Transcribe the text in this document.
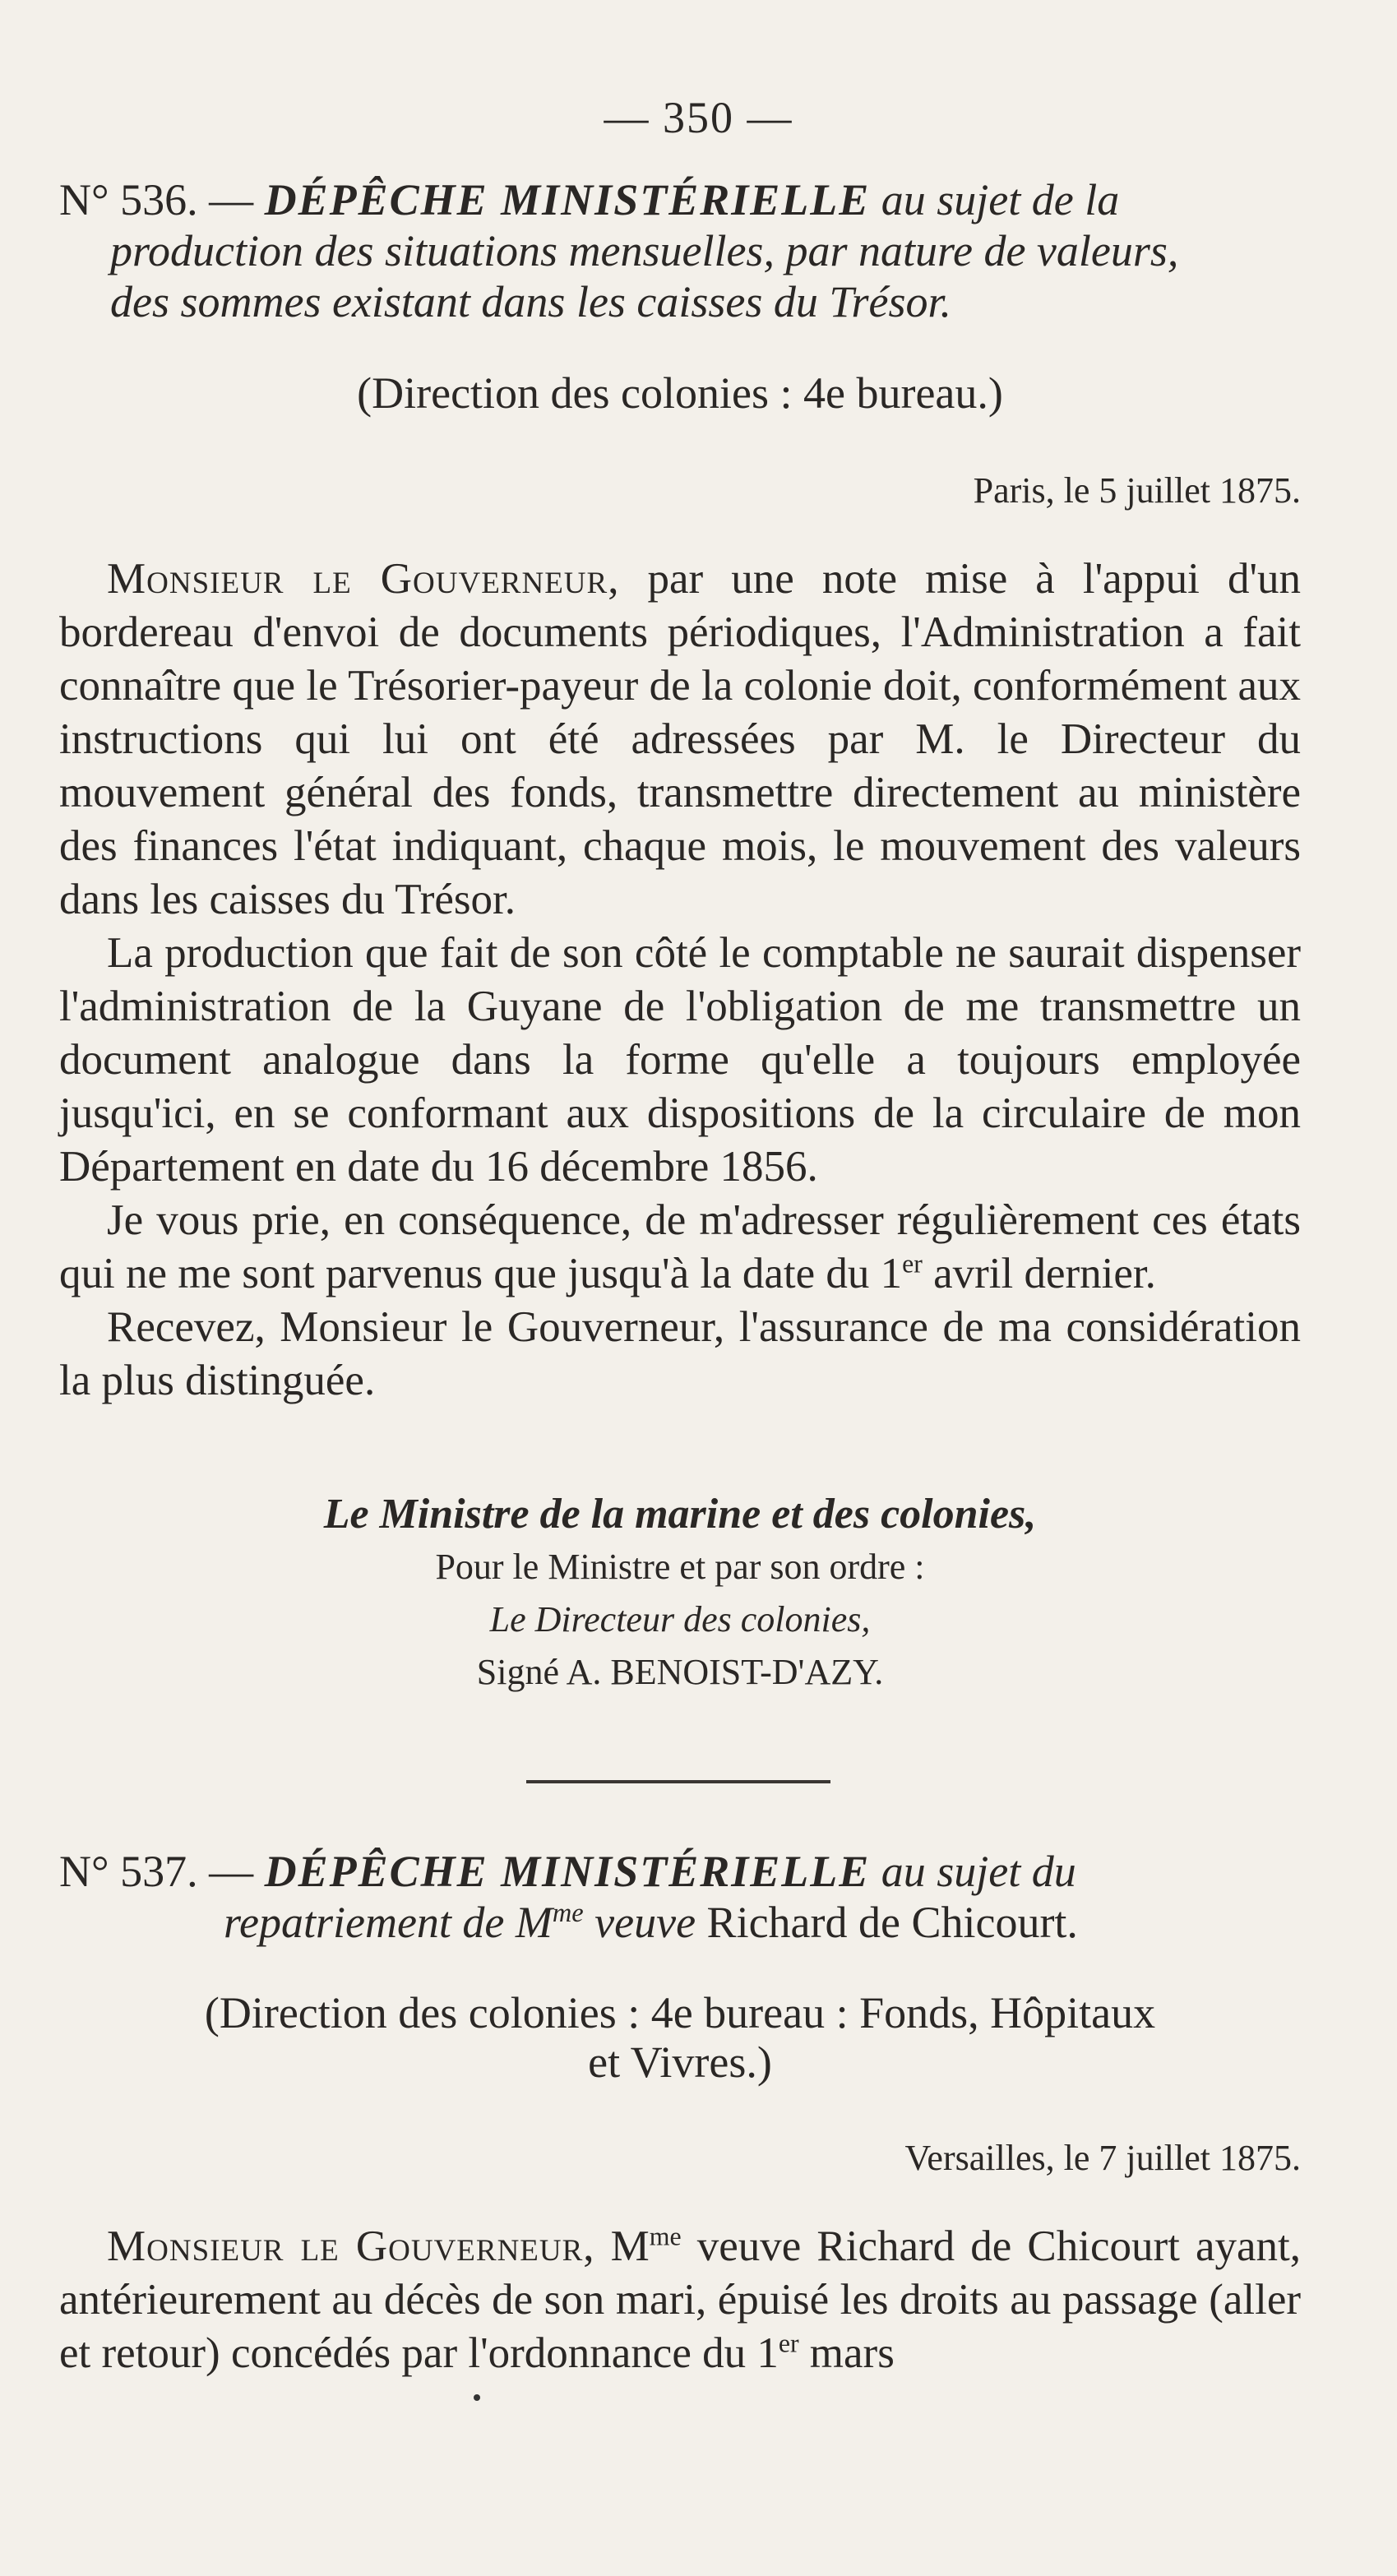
— 350 —
N° 536. — DÉPÊCHE MINISTÉRIELLE au sujet de la
production des situations mensuelles, par nature de valeurs,
des sommes existant dans les caisses du Trésor.
(Direction des colonies : 4e bureau.)
Paris, le 5 juillet 1875.

Monsieur le Gouverneur, par une note mise à l'appui d'un bordereau d'envoi de documents périodiques, l'Administration a fait connaître que le Trésorier-payeur de la colonie doit, conformément aux instructions qui lui ont été adressées par M. le Directeur du mouvement général des fonds, transmettre directement au ministère des finances l'état indiquant, chaque mois, le mouvement des valeurs dans les caisses du Trésor.

La production que fait de son côté le comptable ne saurait dispenser l'administration de la Guyane de l'obligation de me transmettre un document analogue dans la forme qu'elle a toujours employée jusqu'ici, en se conformant aux dispositions de la circulaire de mon Département en date du 16 décembre 1856.

Je vous prie, en conséquence, de m'adresser régulièrement ces états qui ne me sont parvenus que jusqu'à la date du 1er avril dernier.

Recevez, Monsieur le Gouverneur, l'assurance de ma considération la plus distinguée.

Le Ministre de la marine et des colonies,
Pour le Ministre et par son ordre :
Le Directeur des colonies,
Signé A. BENOIST-D'AZY.
N° 537. — DÉPÊCHE MINISTÉRIELLE au sujet du
repatriement de $M^{me}$ veuve Richard de Chicourt.
(Direction des colonies : 4e bureau : Fonds, Hôpitaux
et Vivres.)
Versailles, le 7 juillet 1875.

Monsieur le Gouverneur, $M^{me}$ veuve Richard de Chicourt ayant, antérieurement au décès de son mari, épuisé les droits au passage (aller et retour) concédés par l'ordonnance du 1er mars
